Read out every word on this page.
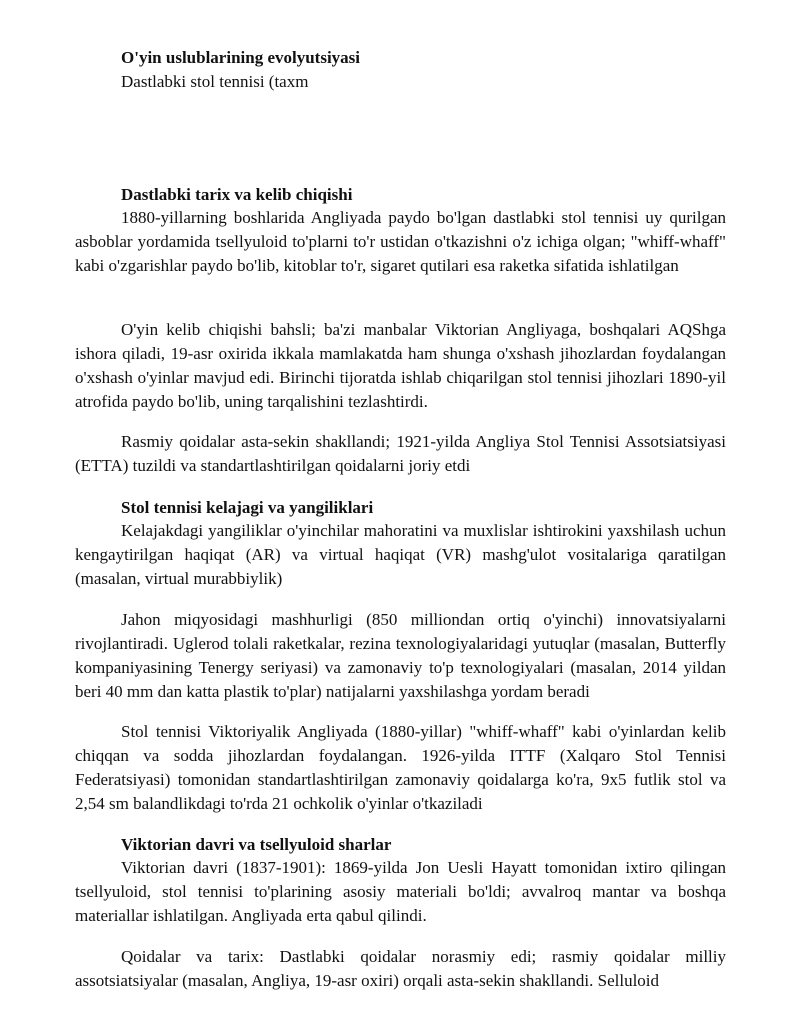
O'yin uslublarining evolyutsiyasi

Dastlabki stol tennisi (taxm

Dastlabki tarix va kelib chiqishi

1880-yillarning boshlarida Angliyada paydo bo'lgan dastlabki stol tennisi uy qurilgan asboblar yordamida tsellyuloid to'plarni to'r ustidan o'tkazishni o'z ichiga olgan; "whiff-whaff" kabi o'zgarishlar paydo bo'lib, kitoblar to'r, sigaret qutilari esa raketka sifatida ishlatilgan

O'yin kelib chiqishi bahsli; ba'zi manbalar Viktorian Angliyaga, boshqalari AQShga ishora qiladi, 19-asr oxirida ikkala mamlakatda ham shunga o'xshash jihozlardan foydalangan o'xshash o'yinlar mavjud edi. Birinchi tijoratda ishlab chiqarilgan stol tennisi jihozlari 1890-yil atrofida paydo bo'lib, uning tarqalishini tezlashtirdi.

Rasmiy qoidalar asta-sekin shakllandi; 1921-yilda Angliya Stol Tennisi Assotsiatsiyasi (ETTA) tuzildi va standartlashtirilgan qoidalarni joriy etdi

Stol tennisi kelajagi va yangiliklari

Kelajakdagi yangiliklar o'yinchilar mahoratini va muxlislar ishtirokini yaxshilash uchun kengaytirilgan haqiqat (AR) va virtual haqiqat (VR) mashg'ulot vositalariga qaratilgan (masalan, virtual murabbiylik)

Jahon miqyosidagi mashhurligi (850 milliondan ortiq o'yinchi) innovatsiyalarni rivojlantiradi. Uglerod tolali raketkalar, rezina texnologiyalaridagi yutuqlar (masalan, Butterfly kompaniyasining Tenergy seriyasi) va zamonaviy to'p texnologiyalari (masalan, 2014 yildan beri 40 mm dan katta plastik to'plar) natijalarni yaxshilashga yordam beradi

Stol tennisi Viktoriyalik Angliyada (1880-yillar) "whiff-whaff" kabi o'yinlardan kelib chiqqan va sodda jihozlardan foydalangan. 1926-yilda ITTF (Xalqaro Stol Tennisi Federatsiyasi) tomonidan standartlashtirilgan zamonaviy qoidalarga ko'ra, 9x5 futlik stol va 2,54 sm balandlikdagi to'rda 21 ochkolik o'yinlar o'tkaziladi

Viktorian davri va tsellyuloid sharlar

Viktorian davri (1837-1901): 1869-yilda Jon Uesli Hayatt tomonidan ixtiro qilingan tsellyuloid, stol tennisi to'plarining asosiy materiali bo'ldi; avvalroq mantar va boshqa materiallar ishlatilgan. Angliyada erta qabul qilindi.

Qoidalar va tarix: Dastlabki qoidalar norasmiy edi; rasmiy qoidalar milliy assotsiatsiyalar (masalan, Angliya, 19-asr oxiri) orqali asta-sekin shakllandi. Selluloid
